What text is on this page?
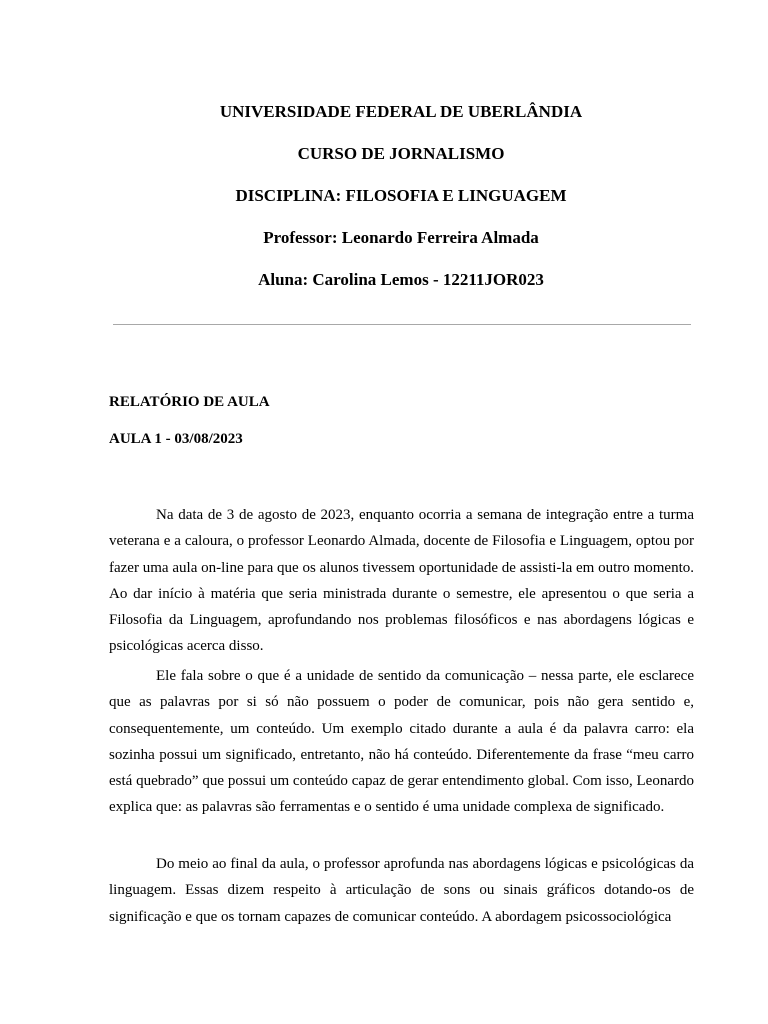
UNIVERSIDADE FEDERAL DE UBERLÂNDIA
CURSO DE JORNALISMO
DISCIPLINA: FILOSOFIA E LINGUAGEM
Professor: Leonardo Ferreira Almada
Aluna: Carolina Lemos - 12211JOR023
RELATÓRIO DE AULA
AULA 1 - 03/08/2023

Na data de 3 de agosto de 2023, enquanto ocorria a semana de integração entre a turma veterana e a caloura, o professor Leonardo Almada, docente de Filosofia e Linguagem, optou por fazer uma aula on-line para que os alunos tivessem oportunidade de assisti-la em outro momento. Ao dar início à matéria que seria ministrada durante o semestre, ele apresentou o que seria a Filosofia da Linguagem, aprofundando nos problemas filosóficos e nas abordagens lógicas e psicológicas acerca disso.

Ele fala sobre o que é a unidade de sentido da comunicação – nessa parte, ele esclarece que as palavras por si só não possuem o poder de comunicar, pois não gera sentido e, consequentemente, um conteúdo. Um exemplo citado durante a aula é da palavra carro: ela sozinha possui um significado, entretanto, não há conteúdo. Diferentemente da frase “meu carro está quebrado” que possui um conteúdo capaz de gerar entendimento global. Com isso, Leonardo explica que: as palavras são ferramentas e o sentido é uma unidade complexa de significado.

Do meio ao final da aula, o professor aprofunda nas abordagens lógicas e psicológicas da linguagem. Essas dizem respeito à articulação de sons ou sinais gráficos dotando-os de significação e que os tornam capazes de comunicar conteúdo. A abordagem psicossociológica
